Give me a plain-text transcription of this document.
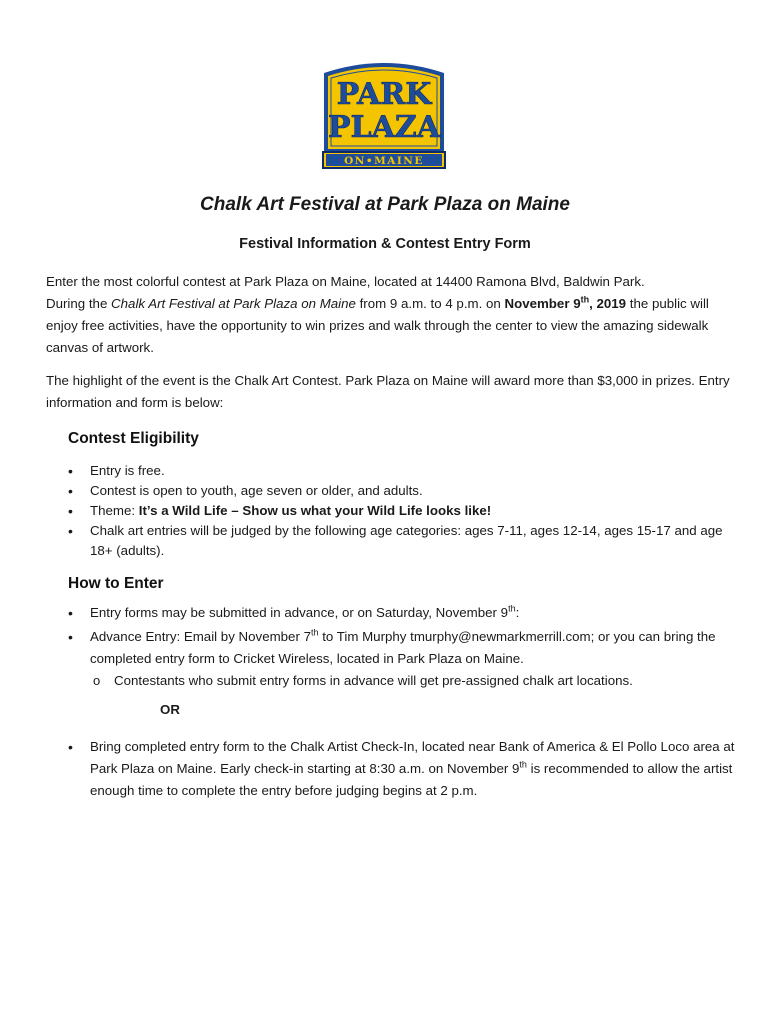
PARK
PLAZA
ON•MAINE
Chalk Art Festival at Park Plaza on Maine
Festival Information & Contest Entry Form
Enter the most colorful contest at Park Plaza on Maine, located at 14400 Ramona Blvd, Baldwin Park.
During the Chalk Art Festival at Park Plaza on Maine from 9 a.m. to 4 p.m. on November 9th, 2019 the public will enjoy free activities, have the opportunity to win prizes and walk through the center to view the amazing sidewalk canvas of artwork.
The highlight of the event is the Chalk Art Contest. Park Plaza on Maine will award more than $3,000 in prizes. Entry information and form is below:
Contest Eligibility
• Entry is free.
• Contest is open to youth, age seven or older, and adults.
• Theme: It’s a Wild Life – Show us what your Wild Life looks like!
• Chalk art entries will be judged by the following age categories: ages 7-11, ages 12-14, ages 15-17 and age 18+ (adults).
How to Enter
• Entry forms may be submitted in advance, or on Saturday, November 9th:
• Advance Entry: Email by November 7th to Tim Murphy tmurphy@newmarkmerrill.com; or you can bring the completed entry form to Cricket Wireless, located in Park Plaza on Maine.
o Contestants who submit entry forms in advance will get pre-assigned chalk art locations.
OR
• Bring completed entry form to the Chalk Artist Check-In, located near Bank of America & El Pollo Loco area at Park Plaza on Maine. Early check-in starting at 8:30 a.m. on November 9th is recommended to allow the artist enough time to complete the entry before judging begins at 2 p.m.
